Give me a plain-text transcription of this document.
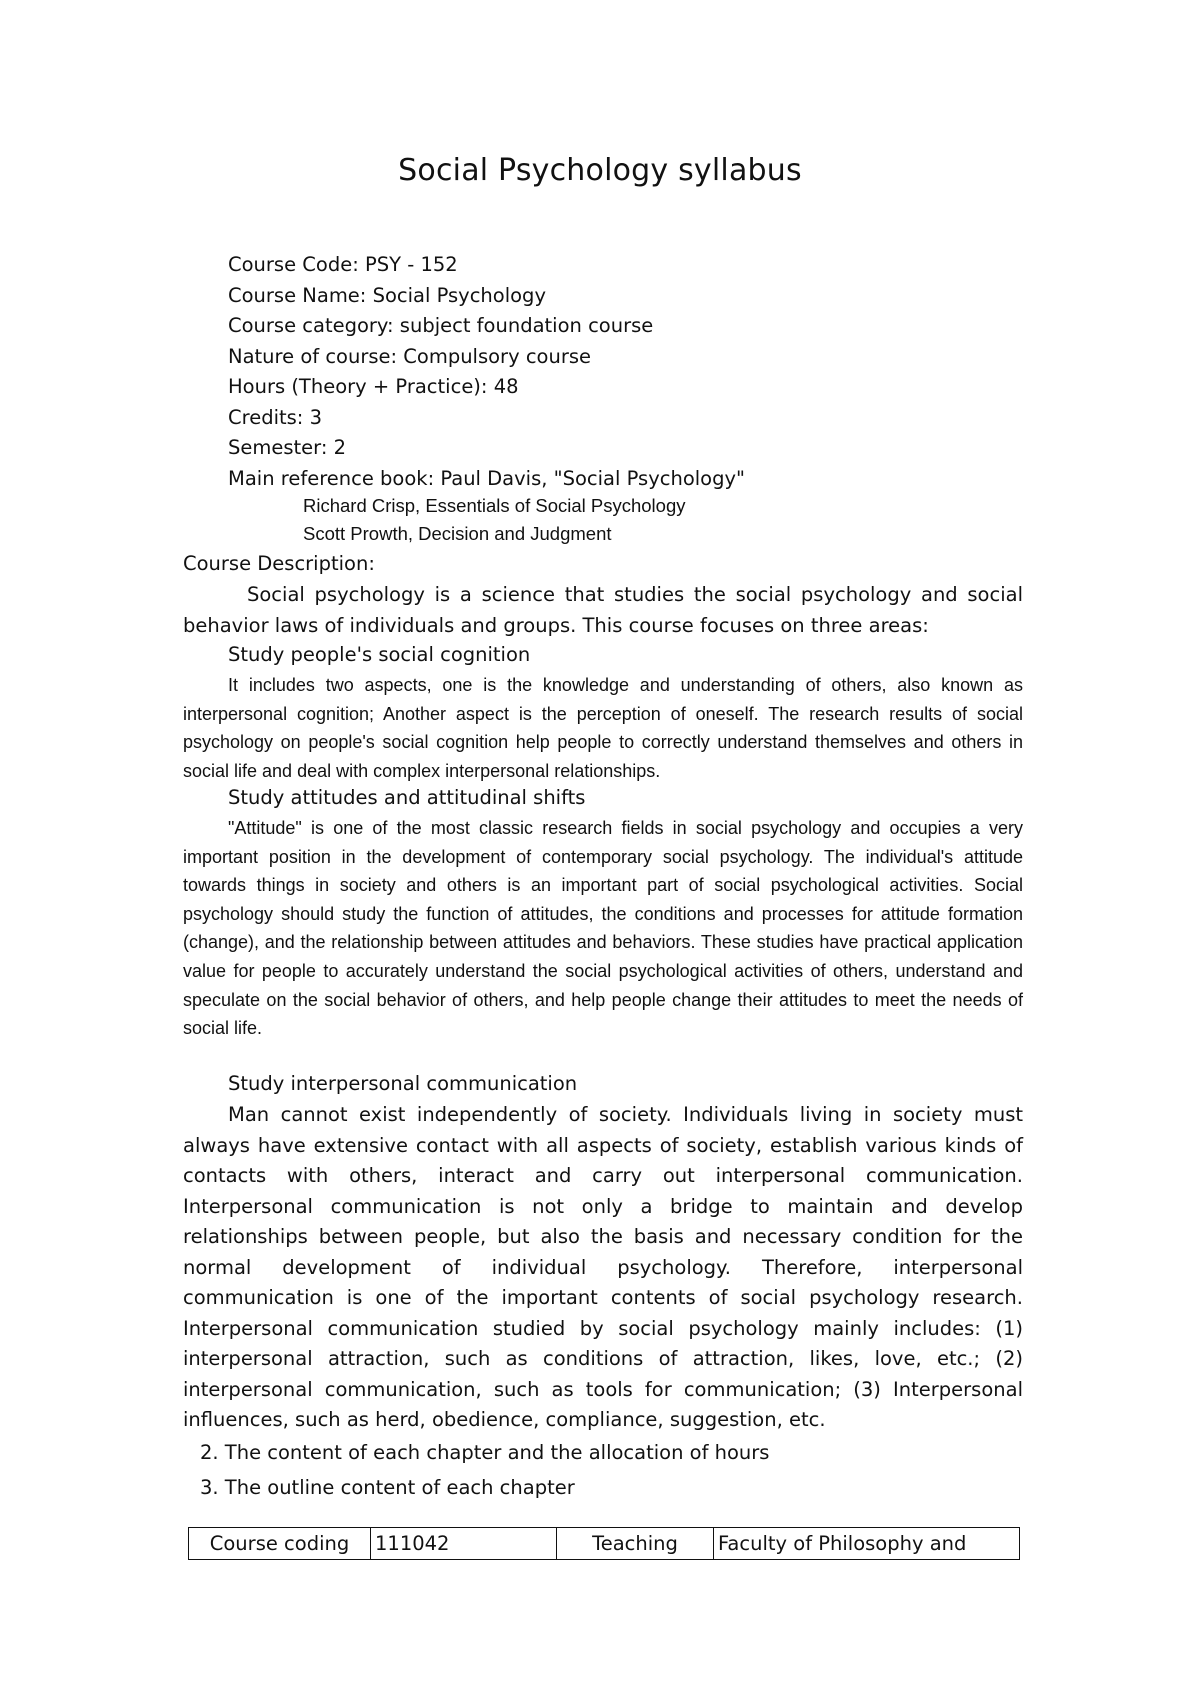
Social Psychology syllabus
Course Code: PSY - 152
Course Name: Social Psychology
Course category: subject foundation course
Nature of course: Compulsory course
Hours (Theory + Practice): 48
Credits: 3
Semester: 2
Main reference book: Paul Davis, "Social Psychology"
Richard Crisp, Essentials of Social Psychology
Scott Prowth, Decision and Judgment
Course Description:
Social psychology is a science that studies the social psychology and social behavior laws of individuals and groups. This course focuses on three areas:
Study people's social cognition
It includes two aspects, one is the knowledge and understanding of others, also known as interpersonal cognition; Another aspect is the perception of oneself. The research results of social psychology on people's social cognition help people to correctly understand themselves and others in social life and deal with complex interpersonal relationships.
Study attitudes and attitudinal shifts
"Attitude" is one of the most classic research fields in social psychology and occupies a very important position in the development of contemporary social psychology. The individual's attitude towards things in society and others is an important part of social psychological activities. Social psychology should study the function of attitudes, the conditions and processes for attitude formation (change), and the relationship between attitudes and behaviors. These studies have practical application value for people to accurately understand the social psychological activities of others, understand and speculate on the social behavior of others, and help people change their attitudes to meet the needs of social life.
Study interpersonal communication
Man cannot exist independently of society. Individuals living in society must always have extensive contact with all aspects of society, establish various kinds of contacts with others, interact and carry out interpersonal communication. Interpersonal communication is not only a bridge to maintain and develop relationships between people, but also the basis and necessary condition for the normal development of individual psychology. Therefore, interpersonal communication is one of the important contents of social psychology research. Interpersonal communication studied by social psychology mainly includes: (1) interpersonal attraction, such as conditions of attraction, likes, love, etc.; (2) interpersonal communication, such as tools for communication; (3) Interpersonal influences, such as herd, obedience, compliance, suggestion, etc.
2. The content of each chapter and the allocation of hours
3. The outline content of each chapter
Course coding	111042	Teaching	Faculty of Philosophy and
